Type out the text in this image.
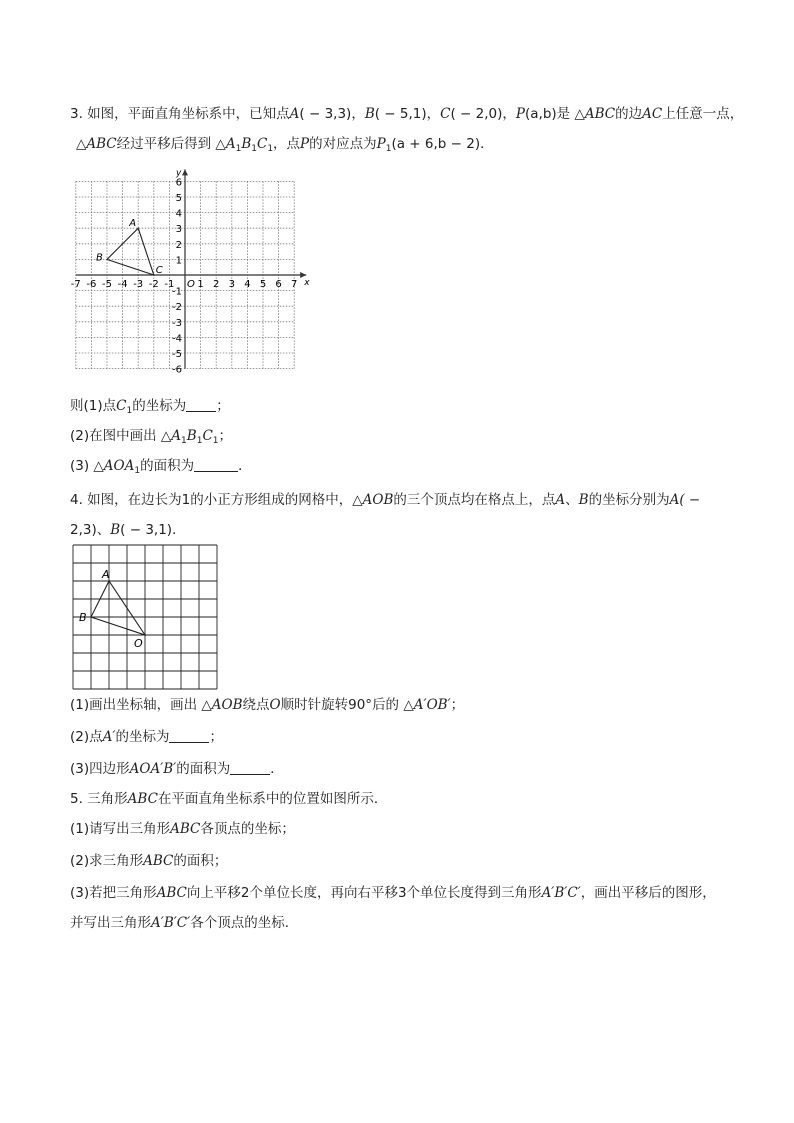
3. 如图，平面直角坐标系中，已知点A( − 3,3)，B( − 5,1)，C( − 2,0)，P(a,b)是 △ABC的边AC上任意一点，
△ABC经过平移后得到 $\triangle A_1B_1C_1$，点P的对应点为$P_1(a + 6,b - 2)$．
x
y
-7 -6 -5 -4 -3 -2 -1 1 2 3 4 5 6 7
6
5
4
3
2
1
-1
-2
-3
-4
-5
-6
O
A
B
C
则(1)点$C_1$的坐标为 ；
(2)在图中画出 $\triangle A_1B_1C_1$；
(3) $\triangle AOA_1$的面积为	．
4. 如图，在边长为1的小正方形组成的网格中，△AOB的三个顶点均在格点上，点A、B的坐标分别为A( −
2,3)、B( − 3,1)．
A
B
O
(1)画出坐标轴，画出 △AOB绕点O顺时针旋转90°后的 △A′OB′；
(2)点A′的坐标为	；
(3)四边形AOA′B′的面积为	．
5. 三角形ABC在平面直角坐标系中的位置如图所示．
(1)请写出三角形ABC各顶点的坐标；
(2)求三角形ABC的面积；
(3)若把三角形ABC向上平移2个单位长度，再向右平移3个单位长度得到三角形A′B′C′，画出平移后的图形，
并写出三角形A′B′C′各个顶点的坐标．
